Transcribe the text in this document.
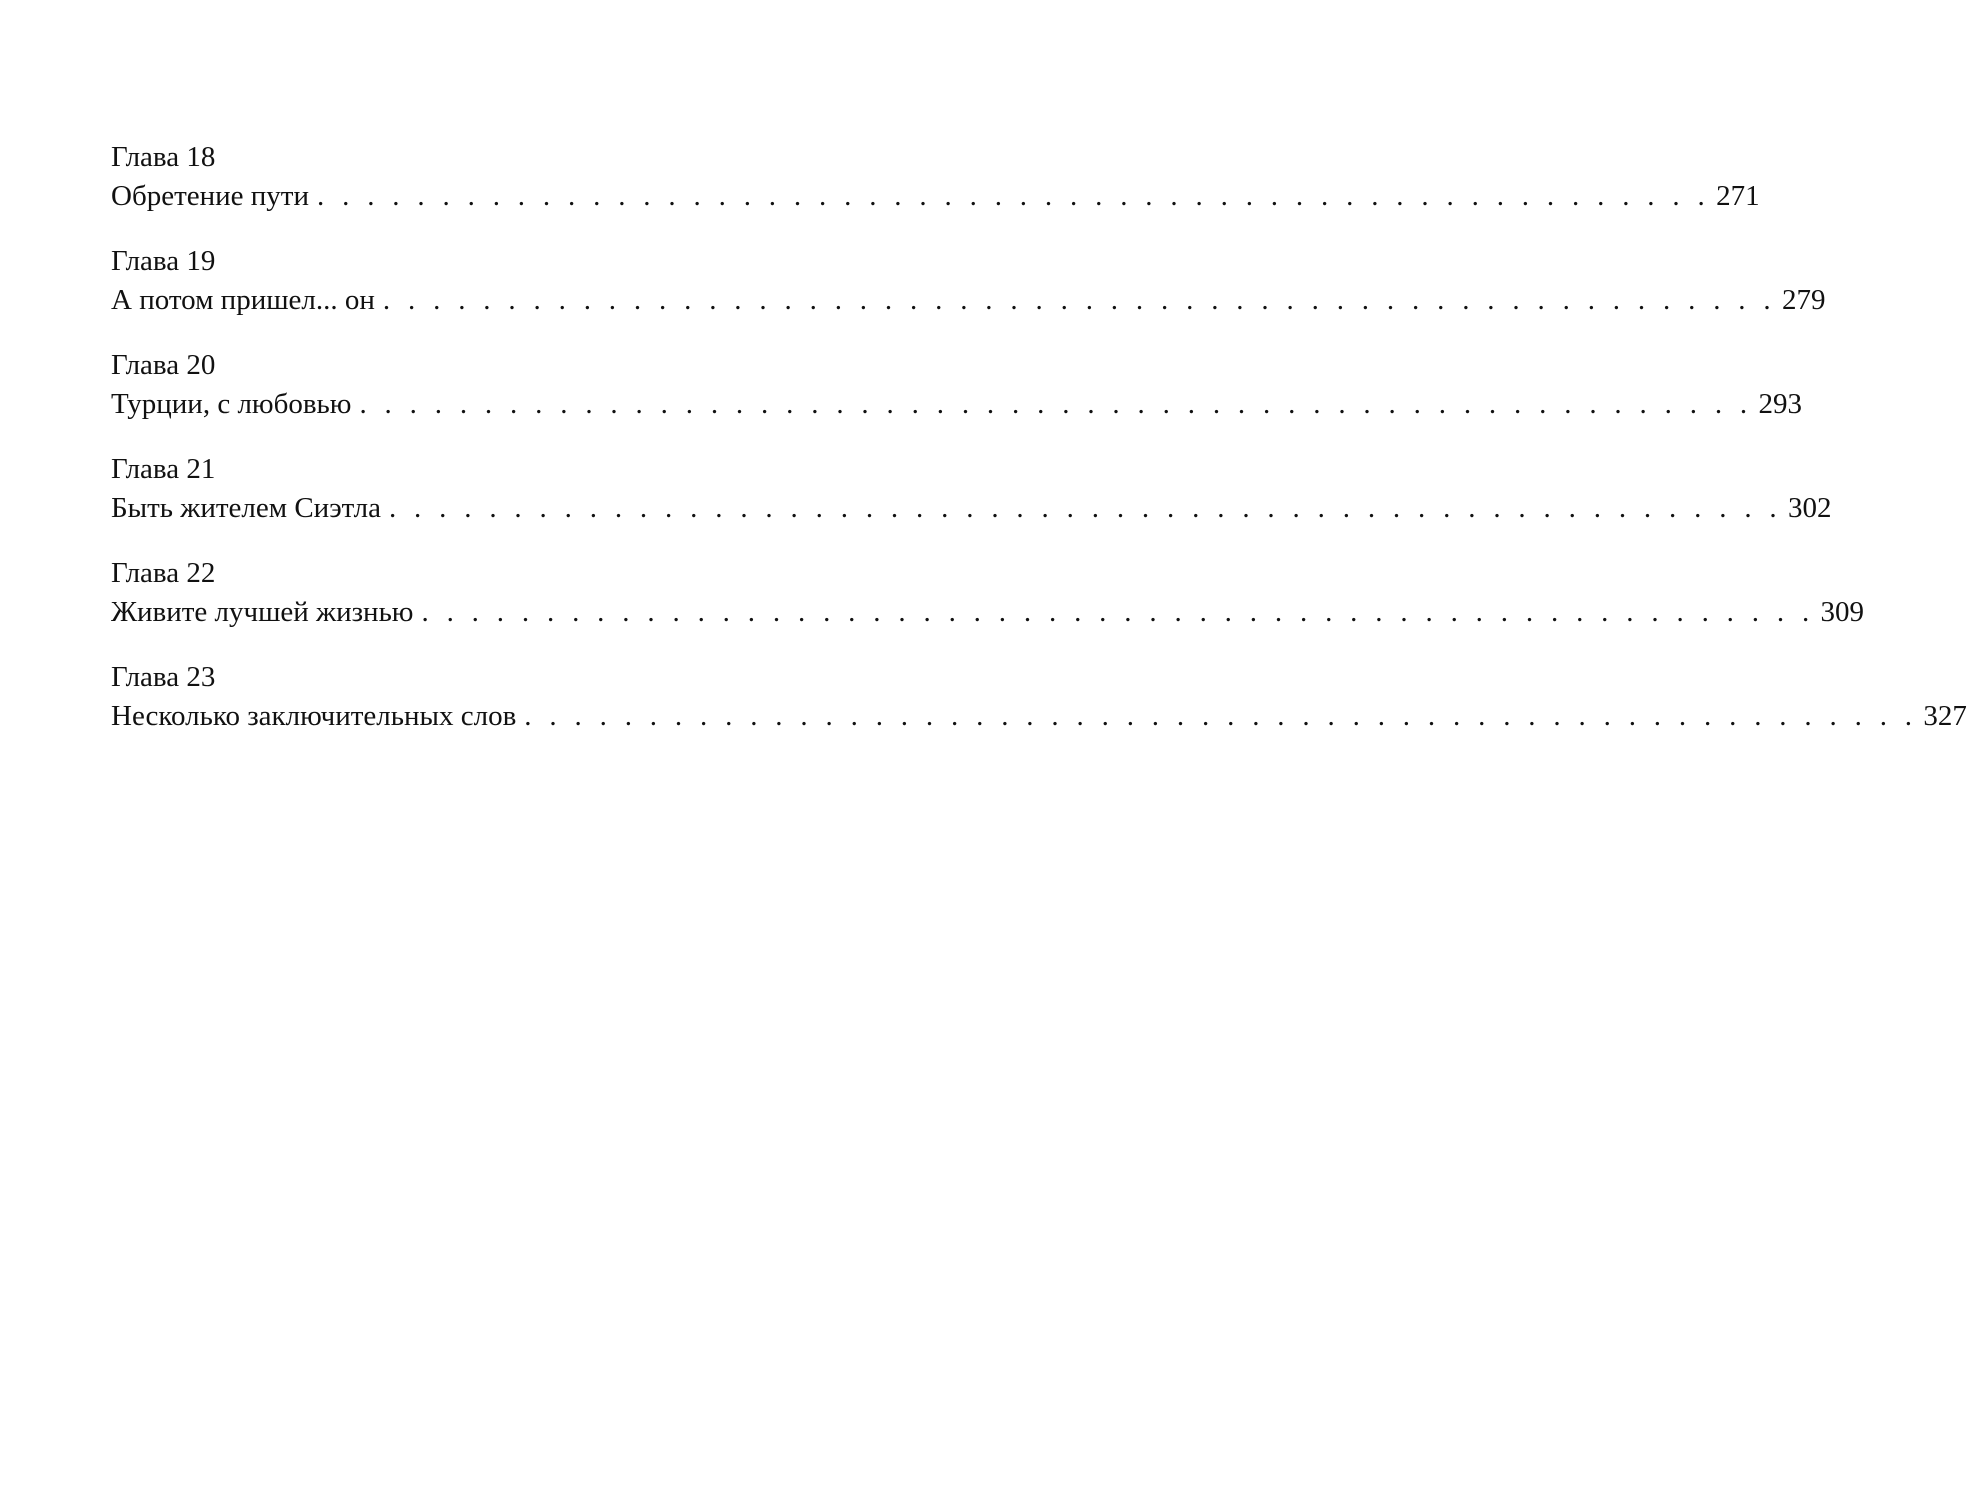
Глава 18
Обретение пути . . . . . . . . . . . . . . . . . . . . . . . . . . . . . . . . . . . . . . . . . . . . . . . . . . . . . . . . 271
Глава 19
А потом пришел... он . . . . . . . . . . . . . . . . . . . . . . . . . . . . . . . . . . . . . . . . . . . . . . . . . . . . . . . . 279
Глава 20
Турции, с любовью . . . . . . . . . . . . . . . . . . . . . . . . . . . . . . . . . . . . . . . . . . . . . . . . . . . . . . . . 293
Глава 21
Быть жителем Сиэтла . . . . . . . . . . . . . . . . . . . . . . . . . . . . . . . . . . . . . . . . . . . . . . . . . . . . . . . . 302
Глава 22
Живите лучшей жизнью . . . . . . . . . . . . . . . . . . . . . . . . . . . . . . . . . . . . . . . . . . . . . . . . . . . . . . . . 309
Глава 23
Несколько заключительных слов . . . . . . . . . . . . . . . . . . . . . . . . . . . . . . . . . . . . . . . . . . . . . . . . . . . . . . . . 327
